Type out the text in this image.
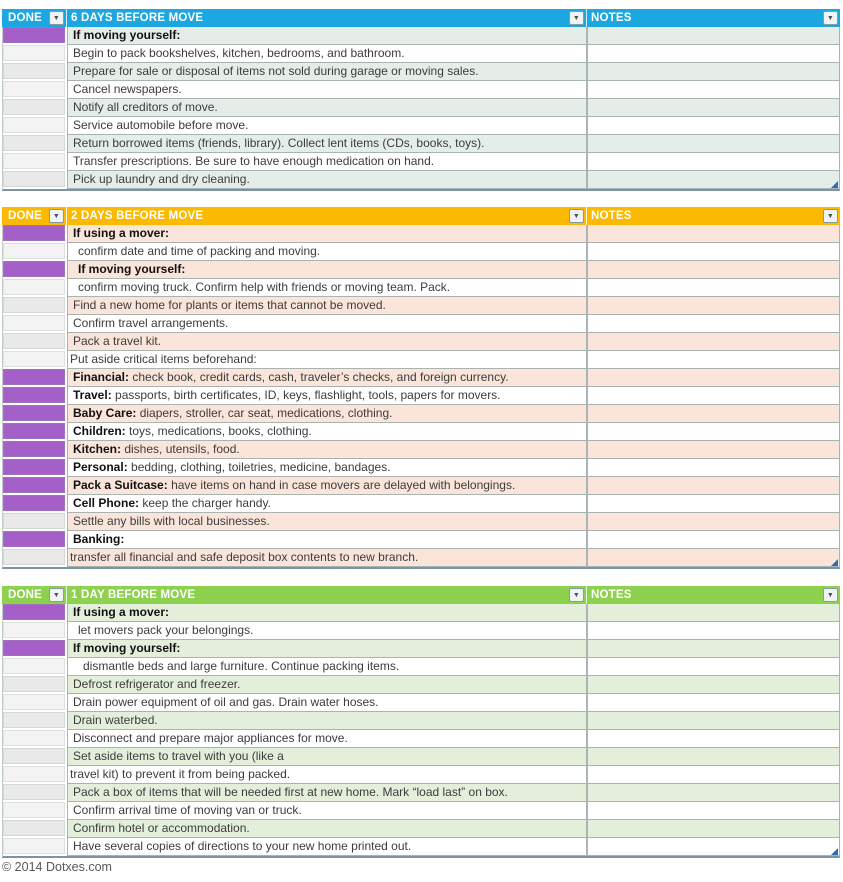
© 2014 Dotxes.com
DONE ▼ 6 DAYS BEFORE MOVE	▼ NOTES	▼
If moving yourself:
Begin to pack bookshelves, kitchen, bedrooms, and bathroom.
Prepare for sale or disposal of items not sold during garage or moving sales.
Cancel newspapers.
Notify all creditors of move.
Service automobile before move.
Return borrowed items (friends, library). Collect lent items (CDs, books, toys).
Transfer prescriptions. Be sure to have enough medication on hand.
Pick up laundry and dry cleaning.
DONE ▼ 2 DAYS BEFORE MOVE	▼ NOTES	▼
If using a mover:
confirm date and time of packing and moving.
If moving yourself:
confirm moving truck. Confirm help with friends or moving team. Pack.
Find a new home for plants or items that cannot be moved.
Confirm travel arrangements.
Pack a travel kit.
Put aside critical items beforehand:
Financial: check book, credit cards, cash, traveler’s checks, and foreign currency.
Travel: passports, birth certificates, ID, keys, flashlight, tools, papers for movers.
Baby Care: diapers, stroller, car seat, medications, clothing.
Children: toys, medications, books, clothing.
Kitchen: dishes, utensils, food.
Personal: bedding, clothing, toiletries, medicine, bandages.
Pack a Suitcase: have items on hand in case movers are delayed with belongings.
Cell Phone: keep the charger handy.
Settle any bills with local businesses.
Banking:
transfer all financial and safe deposit box contents to new branch.
DONE ▼ 1 DAY BEFORE MOVE	▼ NOTES	▼
If using a mover:
let movers pack your belongings.
If moving yourself:
dismantle beds and large furniture. Continue packing items.
Defrost refrigerator and freezer.
Drain power equipment of oil and gas. Drain water hoses.
Drain waterbed.
Disconnect and prepare major appliances for move.
Set aside items to travel with you (like a
travel kit) to prevent it from being packed.
Pack a box of items that will be needed first at new home. Mark “load last” on box.
Confirm arrival time of moving van or truck.
Confirm hotel or accommodation.
Have several copies of directions to your new home printed out.
